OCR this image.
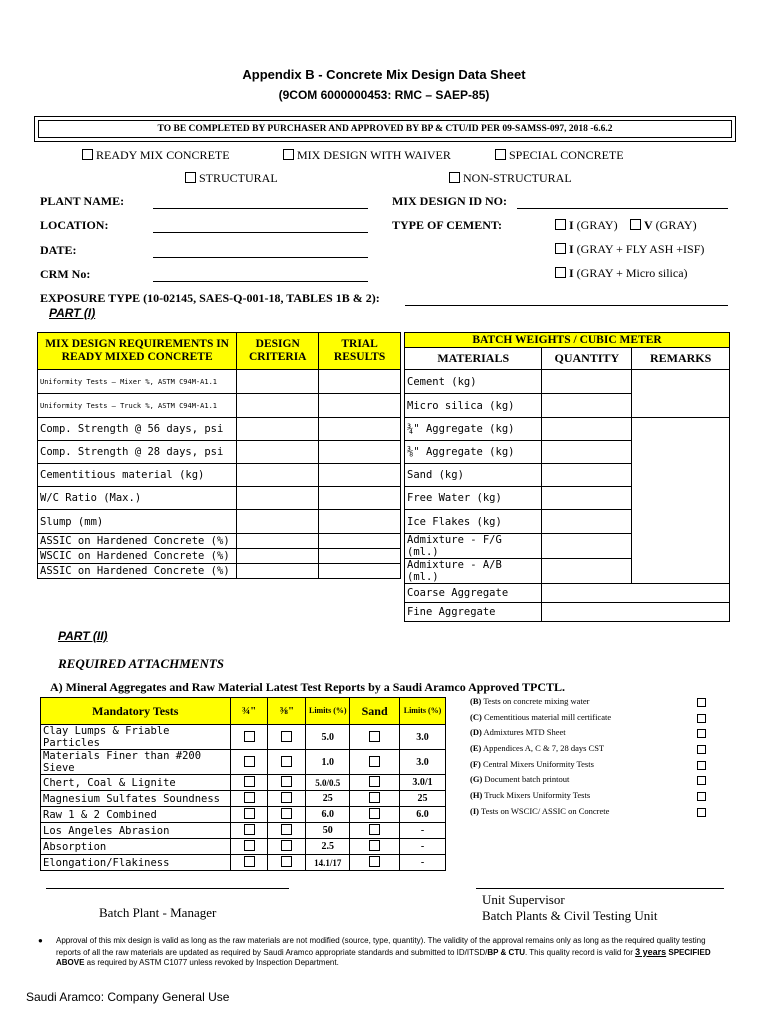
Appendix B - Concrete Mix Design Data Sheet
(9COM 6000000453: RMC – SAEP-85)
TO BE COMPLETED BY PURCHASER AND APPROVED BY BP & CTU/ID PER 09-SAMSS-097, 2018 -6.6.2
READY MIX CONCRETE	MIX DESIGN WITH WAIVER	SPECIAL CONCRETE
STRUCTURAL	NON-STRUCTURAL
PLANT NAME:
LOCATION:
DATE:
CRM No:
MIX DESIGN ID NO:
TYPE OF CEMENT:	I (GRAY)	V (GRAY)
I (GRAY + FLY ASH +ISF)
I (GRAY + Micro silica)
EXPOSURE TYPE (10-02145, SAES-Q-001-18, TABLES 1B & 2):
PART (I)
MIX DESIGN REQUIREMENTS IN READY MIXED CONCRETE	DESIGN CRITERIA	TRIAL RESULTS
Uniformity Tests – Mixer %, ASTM C94M-A1.1		
Uniformity Tests – Truck %, ASTM C94M-A1.1		
Comp. Strength @ 56 days, psi		
Comp. Strength @ 28 days, psi		
Cementitious material (kg)		
W/C Ratio (Max.)		
Slump (mm)		
ASSIC on Hardened Concrete (%)		
WSCIC on Hardened Concrete (%)		
ASSIC on Hardened Concrete (%)		
BATCH WEIGHTS / CUBIC METER		
MATERIALS	QUANTITY	REMARKS
Cement (kg)		
Micro silica (kg)		
¾" Aggregate (kg)		
⅜" Aggregate (kg)		
Sand (kg)		
Free Water (kg)		
Ice Flakes (kg)		
Admixture - F/G (ml.)		
Admixture - A/B (ml.)		
Coarse Aggregate		
Fine Aggregate		
PART (II)
REQUIRED ATTACHMENTS
A) Mineral Aggregates and Raw Material Latest Test Reports by a Saudi Aramco Approved TPCTL.
Mandatory Tests	¾"	⅜"	Limits (%)	Sand	Limits (%)
Clay Lumps & Friable Particles			5.0		3.0
Materials Finer than #200 Sieve			1.0		3.0
Chert, Coal & Lignite			5.0/0.5		3.0/1
Magnesium Sulfates Soundness			25		25
Raw 1 & 2 Combined			6.0		6.0
Los Angeles Abrasion			50		-
Absorption			2.5		-
Elongation/Flakiness			14.1/17		-
(B) Tests on concrete mixing water
(C) Cementitious material mill certificate
(D) Admixtures MTD Sheet
(E) Appendices A, C & 7, 28 days CST
(F) Central Mixers Uniformity Tests
(G) Document batch printout
(H) Truck Mixers Uniformity Tests
(I) Tests on WSCIC/ ASSIC on Concrete
Batch Plant - Manager
Unit Supervisor
Batch Plants & Civil Testing Unit
● Approval of this mix design is valid as long as the raw materials are not modified (source, type, quantity). The validity of the approval remains only as long as the required quality testing reports of all the raw materials are updated as required by Saudi Aramco appropriate standards and submitted to ID/ITSD/BP & CTU. This quality record is valid for 3 years SPECIFIED ABOVE as required by ASTM C1077 unless revoked by Inspection Department.
Saudi Aramco: Company General Use
